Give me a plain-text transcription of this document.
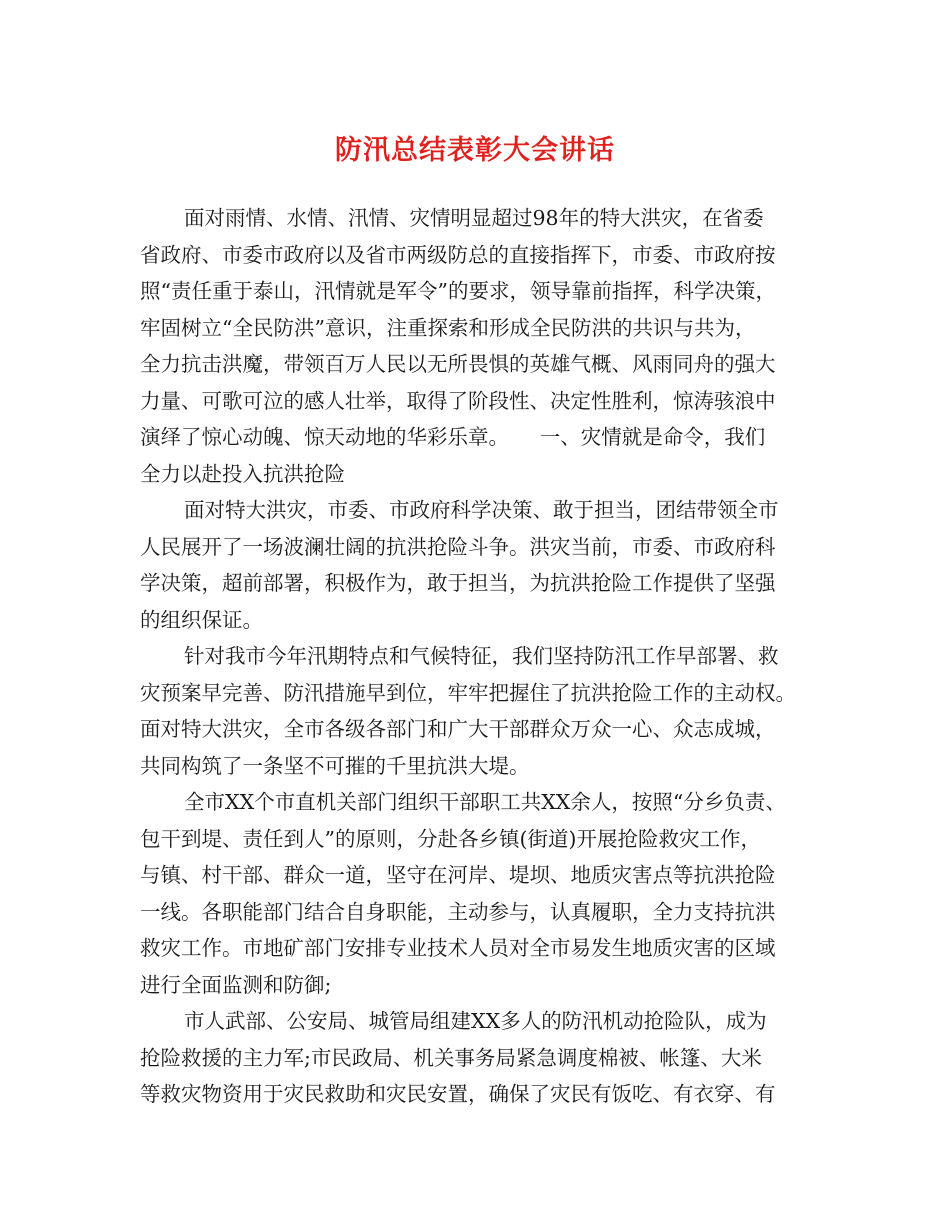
防汛总结表彰大会讲话
面对雨情、水情、汛情、灾情明显超过98年的特大洪灾，在省委
省政府、市委市政府以及省市两级防总的直接指挥下，市委、市政府按
照“责任重于泰山，汛情就是军令”的要求，领导靠前指挥，科学决策，
牢固树立“全民防洪”意识，注重探索和形成全民防洪的共识与共为，
全力抗击洪魔，带领百万人民以无所畏惧的英雄气概、风雨同舟的强大
力量、可歌可泣的感人壮举，取得了阶段性、决定性胜利，惊涛骇浪中
演绎了惊心动魄、惊天动地的华彩乐章。　　一、灾情就是命令，我们
全力以赴投入抗洪抢险
面对特大洪灾，市委、市政府科学决策、敢于担当，团结带领全市
人民展开了一场波澜壮阔的抗洪抢险斗争。洪灾当前，市委、市政府科
学决策，超前部署，积极作为，敢于担当，为抗洪抢险工作提供了坚强
的组织保证。
针对我市今年汛期特点和气候特征，我们坚持防汛工作早部署、救
灾预案早完善、防汛措施早到位，牢牢把握住了抗洪抢险工作的主动权。
面对特大洪灾，全市各级各部门和广大干部群众万众一心、众志成城，
共同构筑了一条坚不可摧的千里抗洪大堤。
全市XX个市直机关部门组织干部职工共XX余人，按照“分乡负责、
包干到堤、责任到人”的原则，分赴各乡镇(街道)开展抢险救灾工作，
与镇、村干部、群众一道，坚守在河岸、堤坝、地质灾害点等抗洪抢险
一线。各职能部门结合自身职能，主动参与，认真履职，全力支持抗洪
救灾工作。市地矿部门安排专业技术人员对全市易发生地质灾害的区域
进行全面监测和防御;
市人武部、公安局、城管局组建XX多人的防汛机动抢险队，成为
抢险救援的主力军;市民政局、机关事务局紧急调度棉被、帐篷、大米
等救灾物资用于灾民救助和灾民安置，确保了灾民有饭吃、有衣穿、有
